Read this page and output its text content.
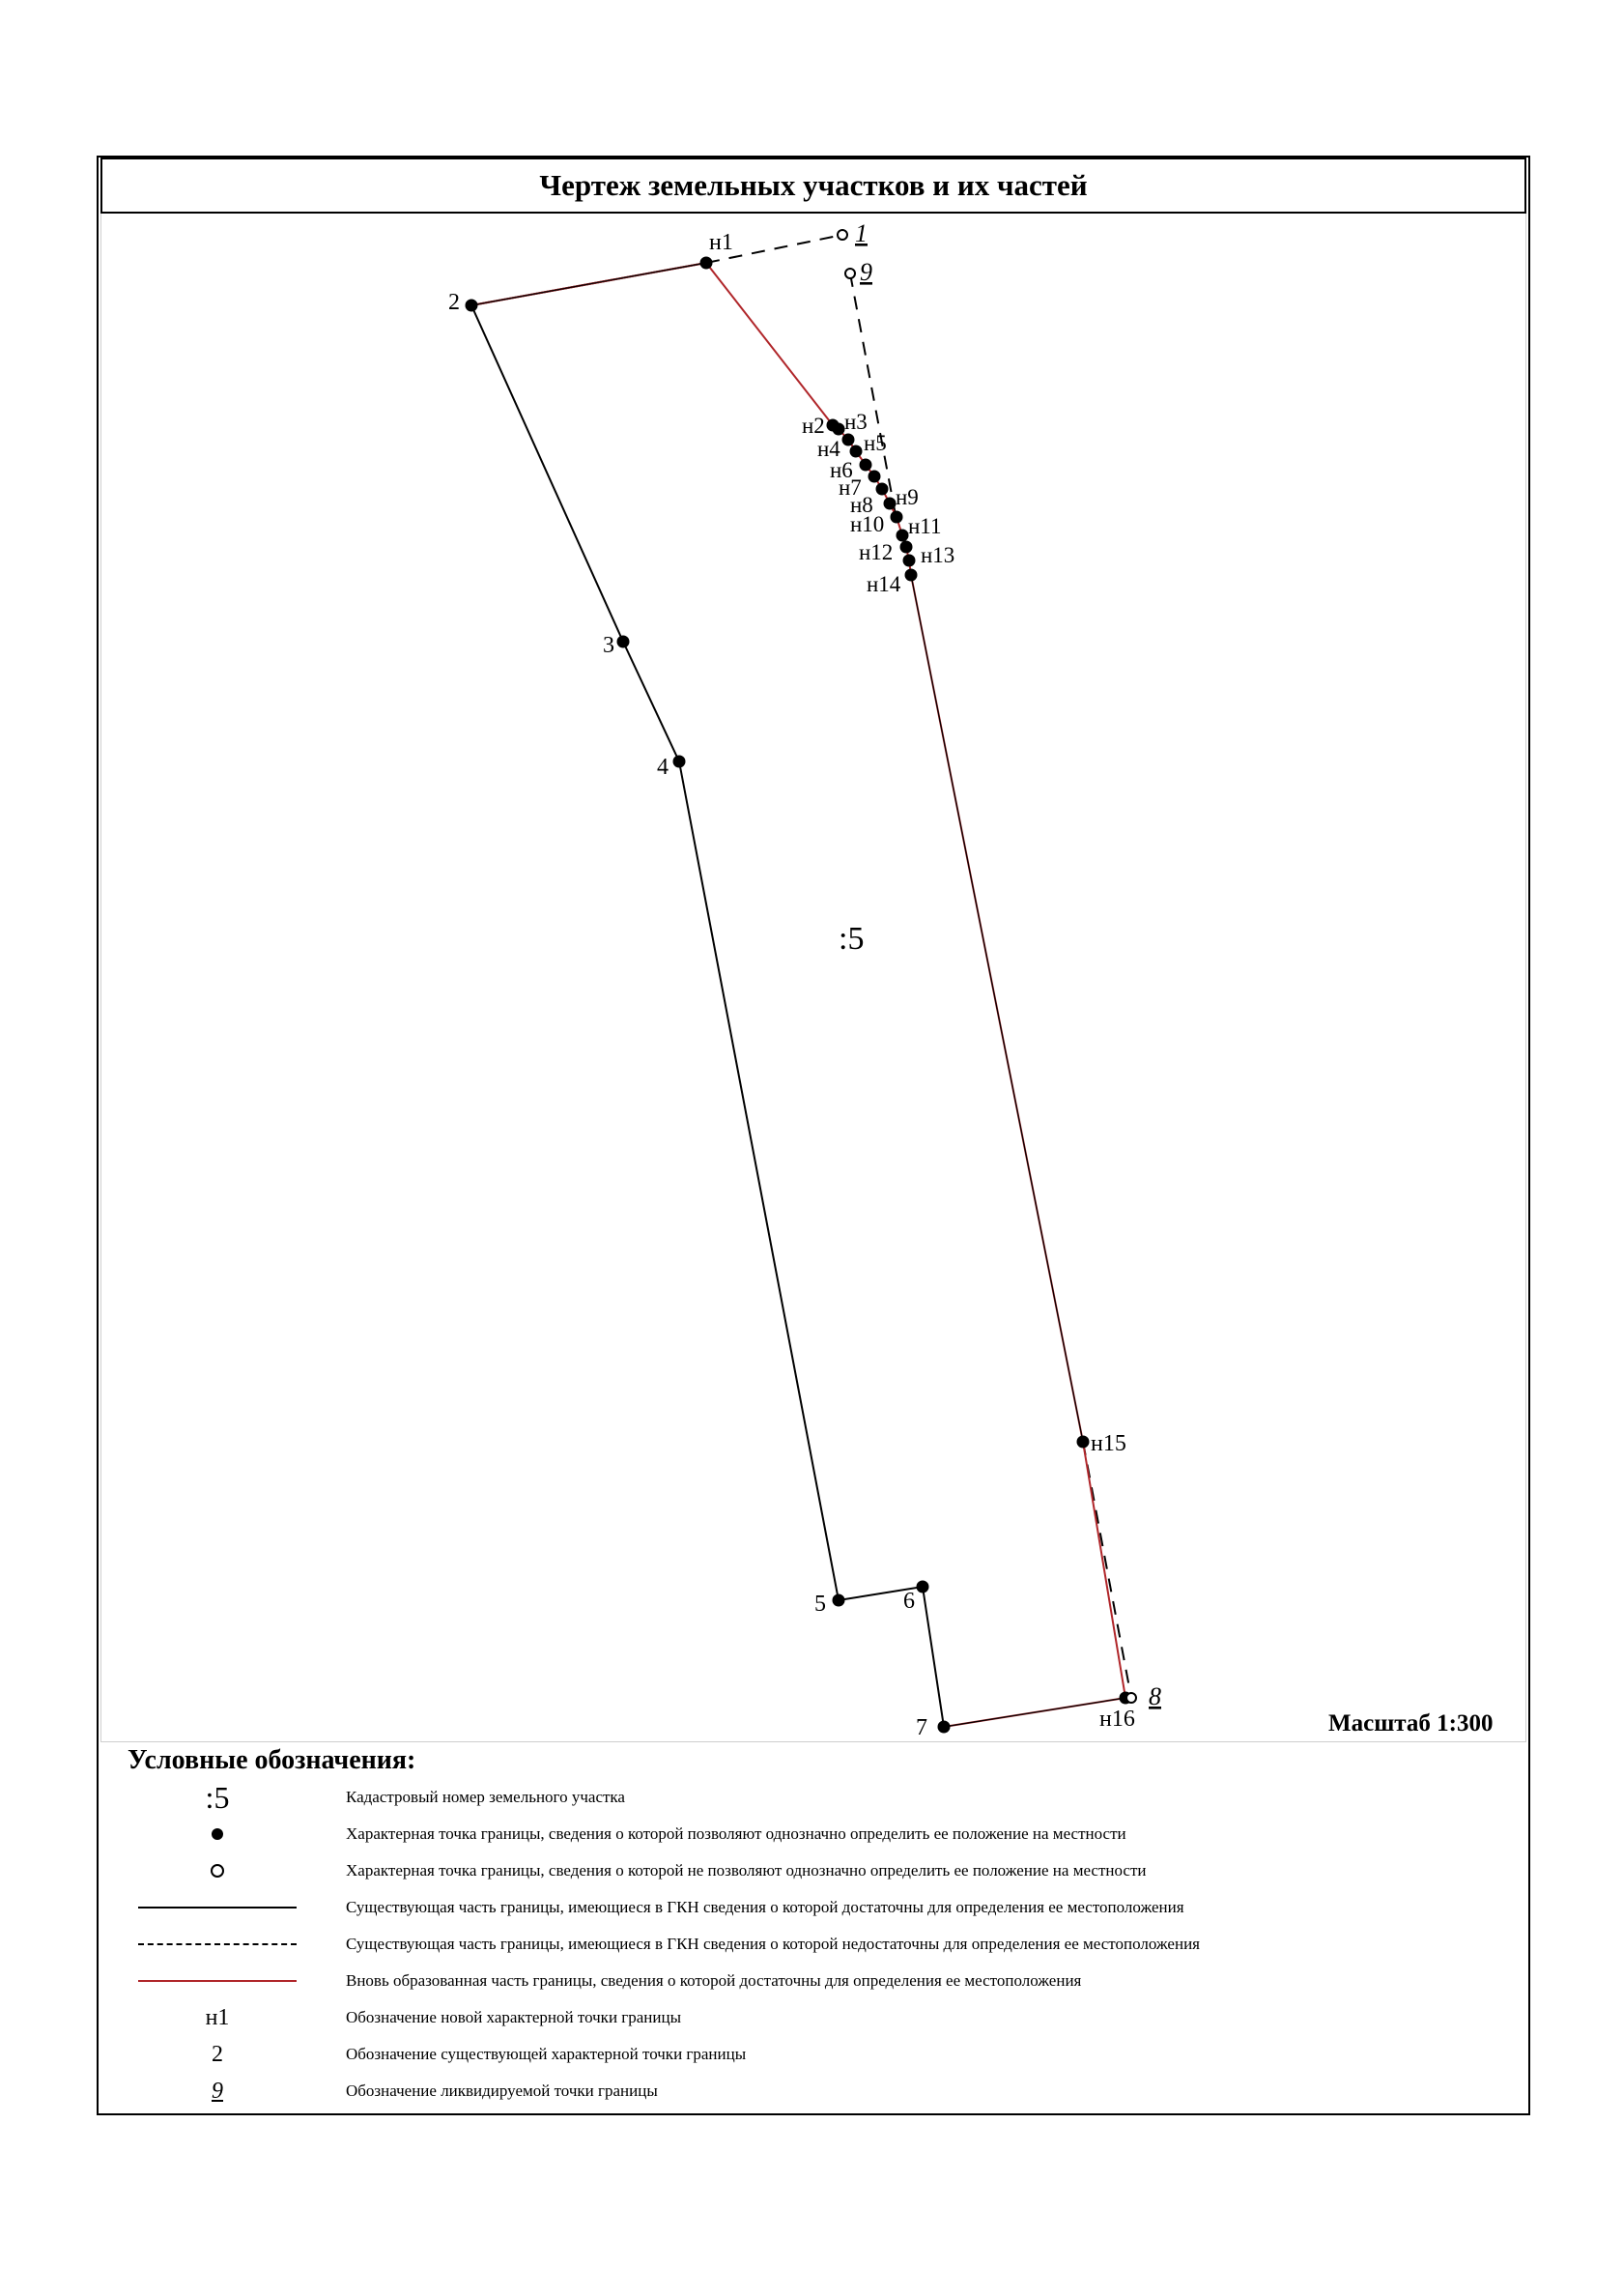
Чертеж земельных участков и их частей
:5
н1	1
9
2
н2 н3
н4 н5
н6
н7
н8 н9
н10 н11
н12 н13
н14
3
4
н15
5	6
7	н16
8
Масштаб 1:300
Условные обозначения:
:5	Кадастровый номер земельного участка
Характерная точка границы, сведения о которой позволяют однозначно определить ее положение на местности
Характерная точка границы, сведения о которой не позволяют однозначно определить ее положение на местности
Существующая часть границы, имеющиеся в ГКН сведения о которой достаточны для определения ее местоположения
Существующая часть границы, имеющиеся в ГКН сведения о которой недостаточны для определения ее местоположения
Вновь образованная часть границы, сведения о которой достаточны для определения ее местоположения
н1	Обозначение новой характерной точки границы
2	Обозначение существующей характерной точки границы
9	Обозначение ликвидируемой точки границы
